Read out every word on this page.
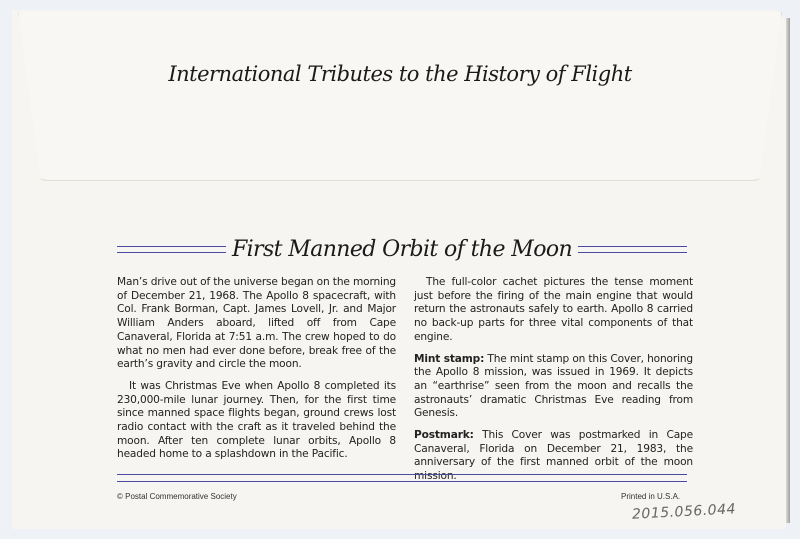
International Tributes to the History of Flight
First Manned Orbit of the Moon

Man’s drive out of the universe began on the morning of December 21, 1968. The Apollo 8 spacecraft, with Col. Frank Borman, Capt. James Lovell, Jr. and Major William Anders aboard, lifted off from Cape Canaveral, Florida at 7:51 a.m. The crew hoped to do what no men had ever done before, break free of the earth’s gravity and circle the moon.

It was Christmas Eve when Apollo 8 completed its 230,000-mile lunar journey. Then, for the first time since manned space flights began, ground crews lost radio contact with the craft as it traveled behind the moon. After ten complete lunar orbits, Apollo 8 headed home to a splashdown in the Pacific.

The full-color cachet pictures the tense moment just before the firing of the main engine that would return the astronauts safely to earth. Apollo 8 carried no back-up parts for three vital components of that engine.

Mint stamp: The mint stamp on this Cover, honoring the Apollo 8 mission, was issued in 1969. It depicts an “earthrise” seen from the moon and recalls the astronauts’ dramatic Christmas Eve reading from Genesis.

Postmark: This Cover was postmarked in Cape Canaveral, Florida on December 21, 1983, the anniversary of the first manned orbit of the moon mission.

© Postal Commemorative Society	Printed in U.S.A.
2015.056.044
